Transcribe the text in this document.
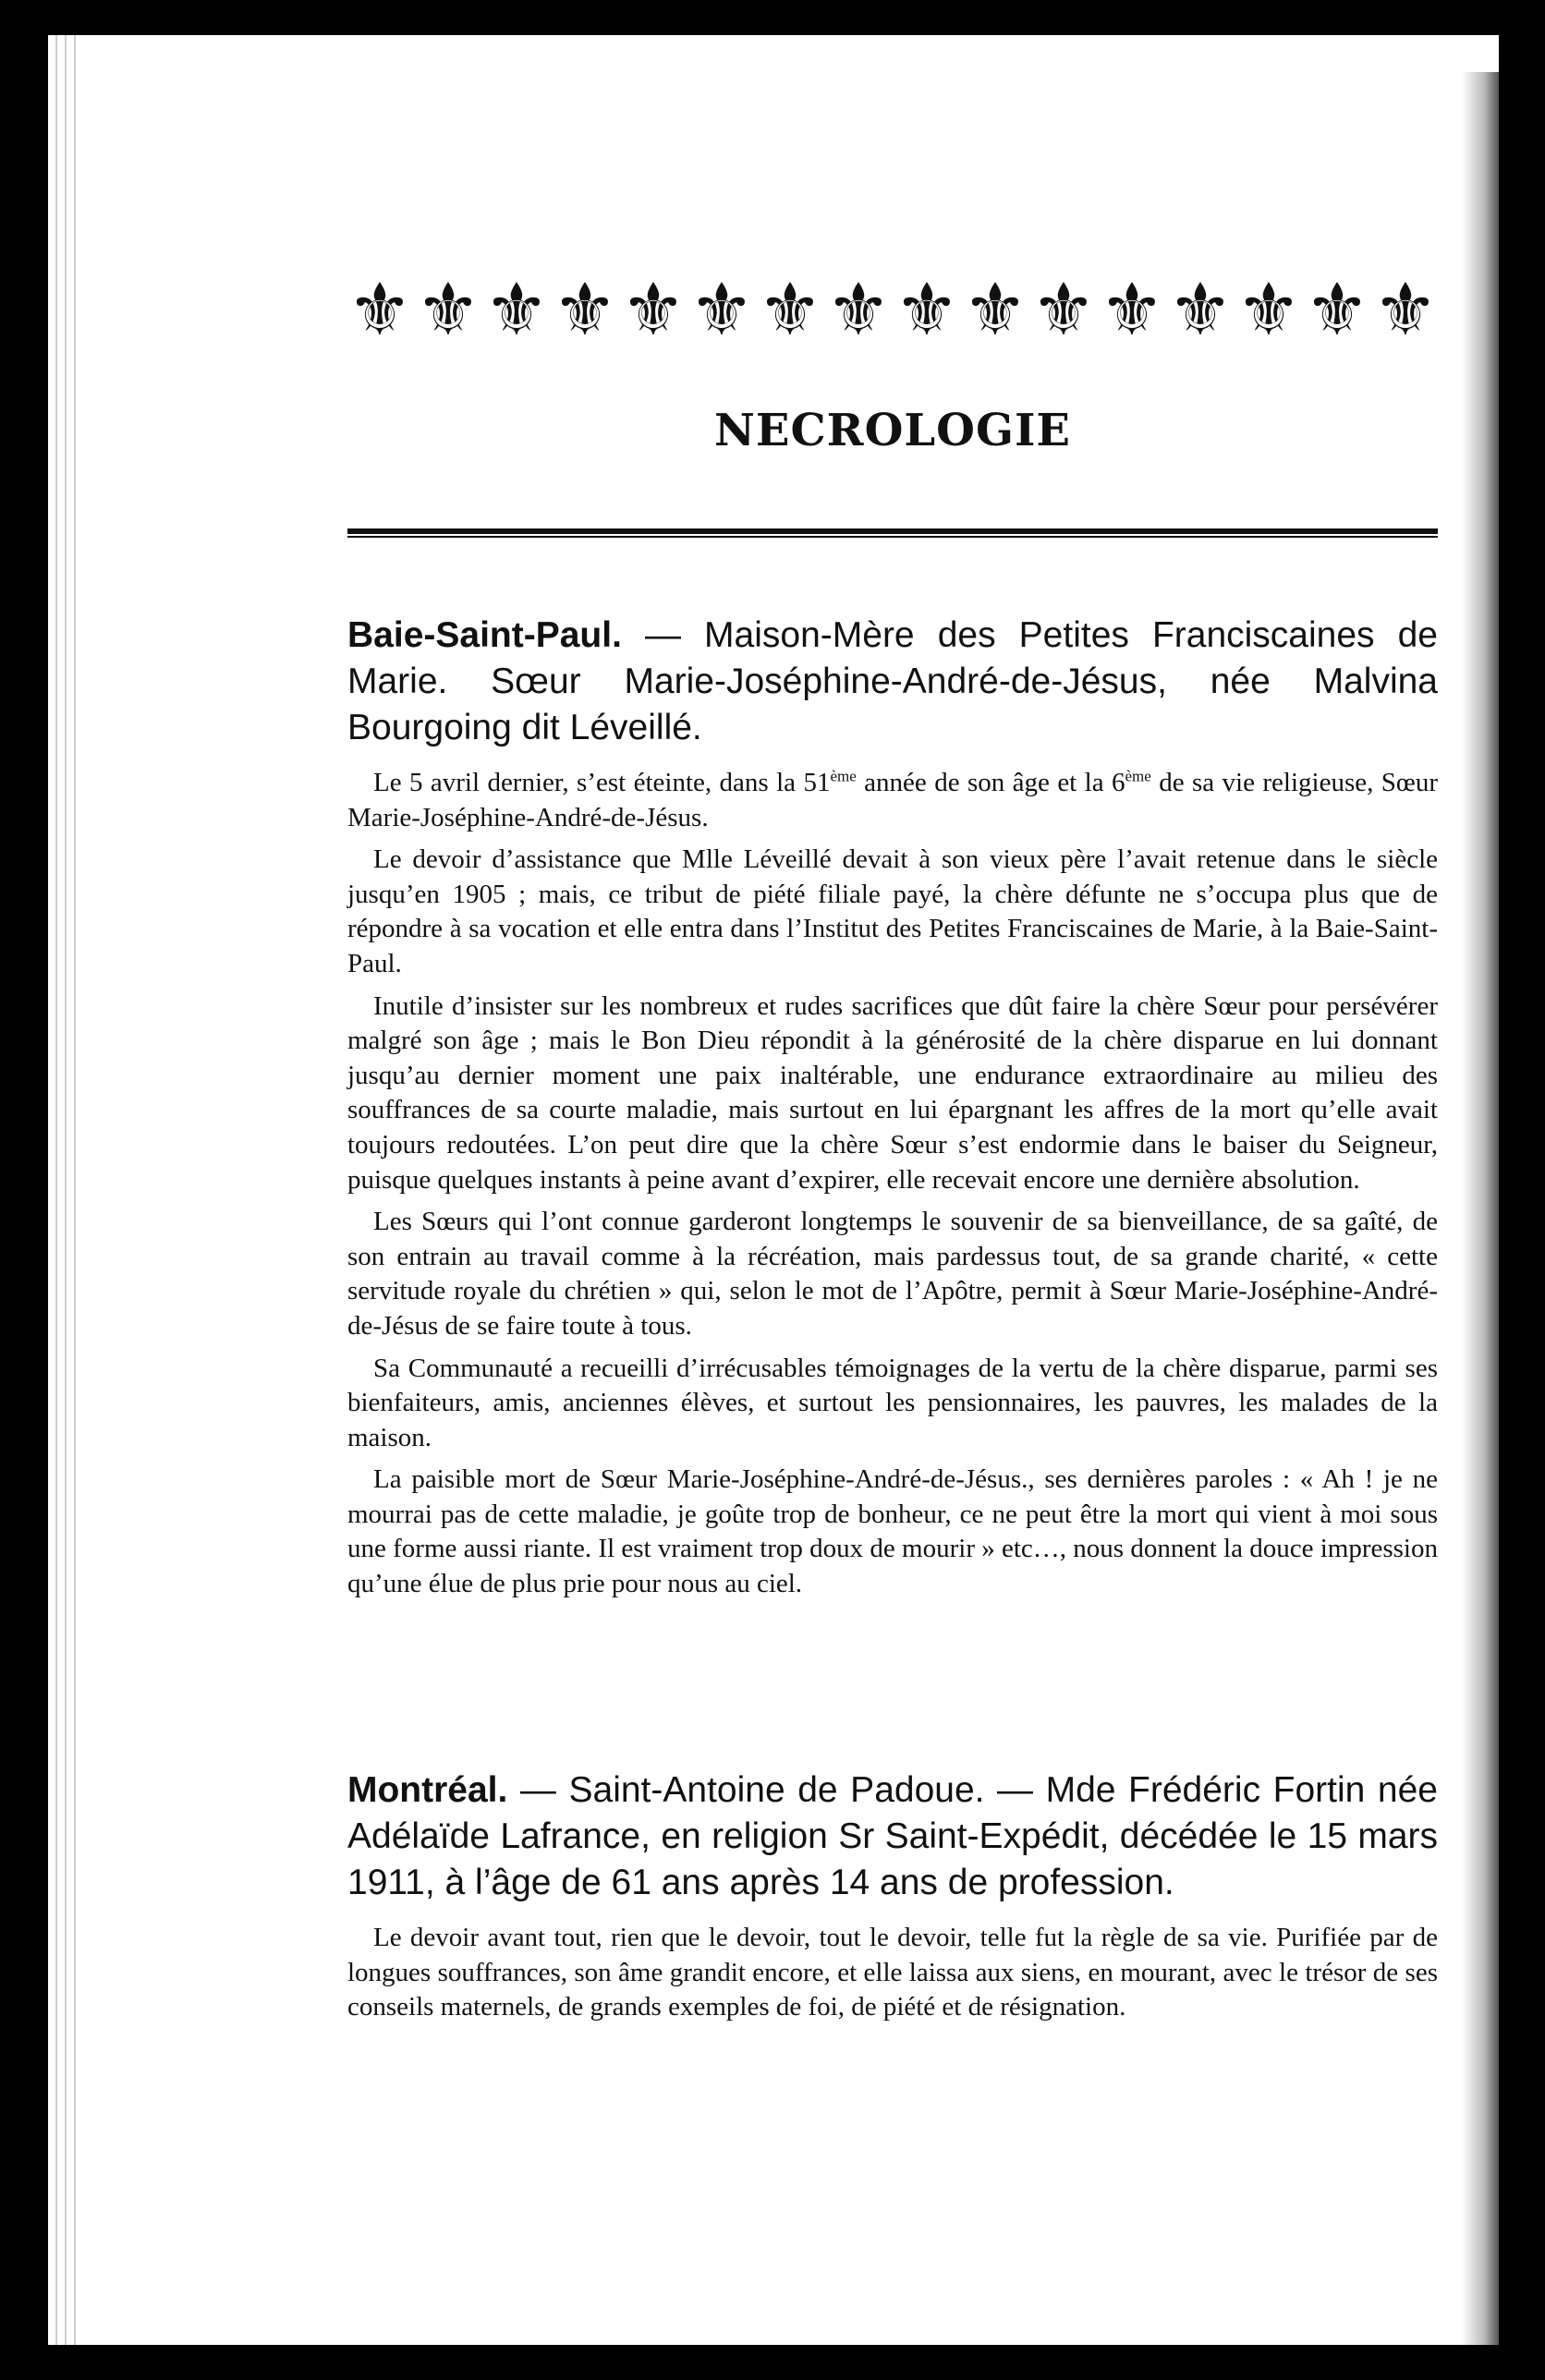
⚜ ⚜ ⚜ ⚜ ⚜ ⚜ ⚜ ⚜ ⚜ ⚜ ⚜ ⚜ ⚜ ⚜ ⚜ ⚜
NECROLOGIE

Baie-Saint-Paul. — Maison-Mère des Petites Franciscaines de Marie. Sœur Marie-Joséphine-André-de-Jésus, née Malvina Bourgoing dit Léveillé.

Le 5 avril dernier, s’est éteinte, dans la 51ème année de son âge et la 6ème de sa vie religieuse, Sœur Marie-Joséphine-André-de-Jésus.

Le devoir d’assistance que Mlle Léveillé devait à son vieux père l’avait retenue dans le siècle jusqu’en 1905 ; mais, ce tribut de piété filiale payé, la chère défunte ne s’occupa plus que de répondre à sa vocation et elle entra dans l’Institut des Petites Franciscaines de Marie, à la Baie-Saint-Paul.

Inutile d’insister sur les nombreux et rudes sacrifices que dût faire la chère Sœur pour persévérer malgré son âge ; mais le Bon Dieu répondit à la générosité de la chère disparue en lui donnant jusqu’au dernier moment une paix inaltérable, une endurance extraordinaire au milieu des souffrances de sa courte maladie, mais surtout en lui épargnant les affres de la mort qu’elle avait toujours redoutées. L’on peut dire que la chère Sœur s’est endormie dans le baiser du Seigneur, puisque quelques instants à peine avant d’expirer, elle recevait encore une dernière absolution.

Les Sœurs qui l’ont connue garderont longtemps le souvenir de sa bienveillance, de sa gaîté, de son entrain au travail comme à la récréation, mais pardessus tout, de sa grande charité, « cette servitude royale du chrétien » qui, selon le mot de l’Apôtre, permit à Sœur Marie-Joséphine-André-de-Jésus de se faire toute à tous.

Sa Communauté a recueilli d’irrécusables témoignages de la vertu de la chère disparue, parmi ses bienfaiteurs, amis, anciennes élèves, et surtout les pensionnaires, les pauvres, les malades de la maison.

La paisible mort de Sœur Marie-Joséphine-André-de-Jésus., ses dernières paroles : « Ah ! je ne mourrai pas de cette maladie, je goûte trop de bonheur, ce ne peut être la mort qui vient à moi sous une forme aussi riante. Il est vraiment trop doux de mourir » etc…, nous donnent la douce impression qu’une élue de plus prie pour nous au ciel.

Montréal. — Saint-Antoine de Padoue. — Mde Frédéric Fortin née Adélaïde Lafrance, en religion Sr Saint-Expédit, décédée le 15 mars 1911, à l’âge de 61 ans après 14 ans de profession.

Le devoir avant tout, rien que le devoir, tout le devoir, telle fut la règle de sa vie. Purifiée par de longues souffrances, son âme grandit encore, et elle laissa aux siens, en mourant, avec le trésor de ses conseils maternels, de grands exemples de foi, de piété et de résignation.
